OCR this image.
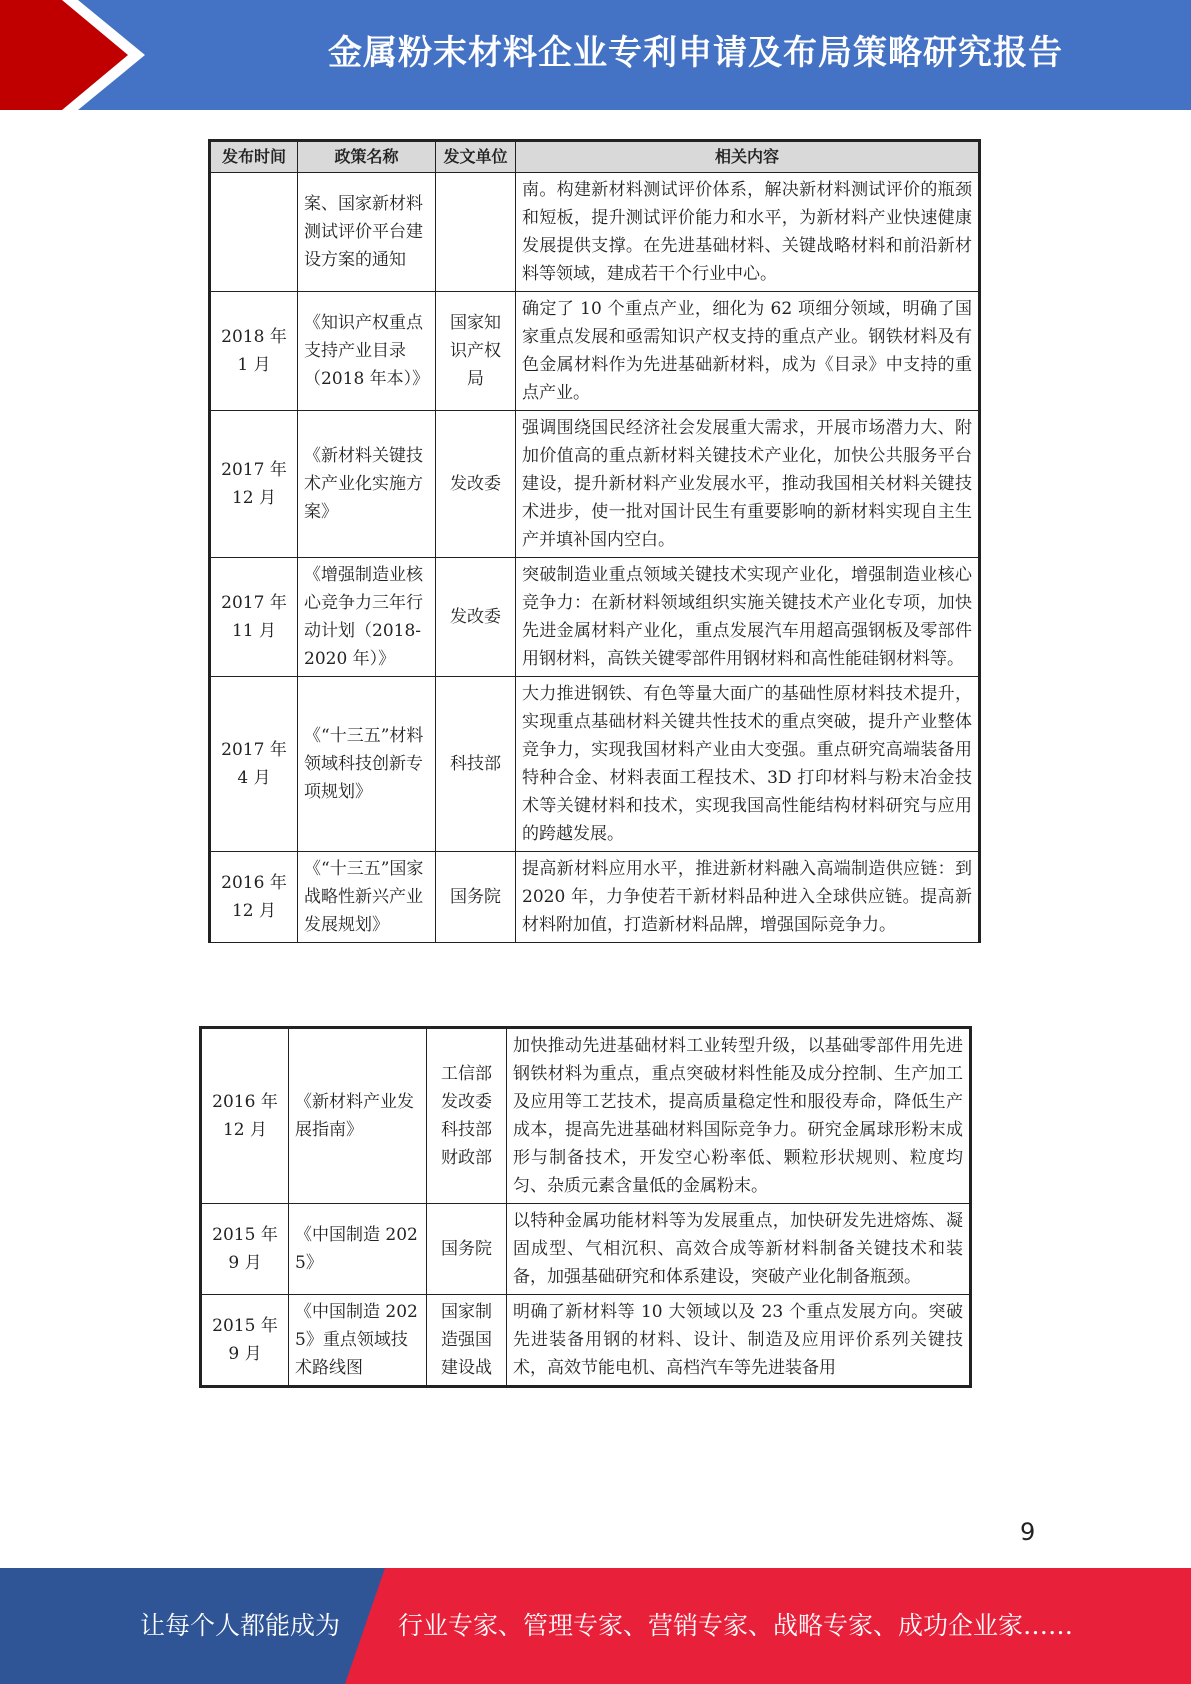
金属粉末材料企业专利申请及布局策略研究报告
发布时间	政策名称	发文单位	相关内容
	案、国家新材料测试评价平台建设方案的通知		南。构建新材料测试评价体系，解决新材料测试评价的瓶颈和短板，提升测试评价能力和水平，为新材料产业快速健康发展提供支撑。在先进基础材料、关键战略材料和前沿新材料等领域，建成若干个行业中心。
2018 年 1 月	《知识产权重点支持产业目录（2018 年本）》	国家知识产权局	确定了 10 个重点产业，细化为 62 项细分领域，明确了国家重点发展和亟需知识产权支持的重点产业。钢铁材料及有色金属材料作为先进基础新材料，成为《目录》中支持的重点产业。
2017 年 12 月	《新材料关键技术产业化实施方案》	发改委	强调围绕国民经济社会发展重大需求，开展市场潜力大、附加价值高的重点新材料关键技术产业化，加快公共服务平台建设，提升新材料产业发展水平，推动我国相关材料关键技术进步，使一批对国计民生有重要影响的新材料实现自主生产并填补国内空白。
2017 年 11 月	《增强制造业核心竞争力三年行动计划（2018-2020 年）》	发改委	突破制造业重点领域关键技术实现产业化，增强制造业核心竞争力：在新材料领域组织实施关键技术产业化专项，加快先进金属材料产业化，重点发展汽车用超高强钢板及零部件用钢材料，高铁关键零部件用钢材料和高性能硅钢材料等。
2017 年 4 月	《“十三五”材料领域科技创新专项规划》	科技部	大力推进钢铁、有色等量大面广的基础性原材料技术提升，实现重点基础材料关键共性技术的重点突破，提升产业整体竞争力，实现我国材料产业由大变强。重点研究高端装备用特种合金、材料表面工程技术、3D 打印材料与粉末冶金技术等关键材料和技术，实现我国高性能结构材料研究与应用的跨越发展。
2016 年 12 月	《“十三五”国家战略性新兴产业发展规划》	国务院	提高新材料应用水平，推进新材料融入高端制造供应链：到 2020 年，力争使若干新材料品种进入全球供应链。提高新材料附加值，打造新材料品牌，增强国际竞争力。
2016 年 12 月	《新材料产业发展指南》	工信部 发改委 科技部 财政部	加快推动先进基础材料工业转型升级，以基础零部件用先进钢铁材料为重点，重点突破材料性能及成分控制、生产加工及应用等工艺技术，提高质量稳定性和服役寿命，降低生产成本，提高先进基础材料国际竞争力。研究金属球形粉末成形与制备技术，开发空心粉率低、颗粒形状规则、粒度均匀、杂质元素含量低的金属粉末。
2015 年 9 月	《中国制造 2025》	国务院	以特种金属功能材料等为发展重点，加快研发先进熔炼、凝固成型、气相沉积、高效合成等新材料制备关键技术和装备，加强基础研究和体系建设，突破产业化制备瓶颈。
2015 年 9 月	《中国制造 2025》重点领域技术路线图	国家制造强国建设战	明确了新材料等 10 大领域以及 23 个重点发展方向。突破先进装备用钢的材料、设计、制造及应用评价系列关键技术，高效节能电机、高档汽车等先进装备用
9
让每个人都能成为 行业专家、管理专家、营销专家、战略专家、成功企业家……
